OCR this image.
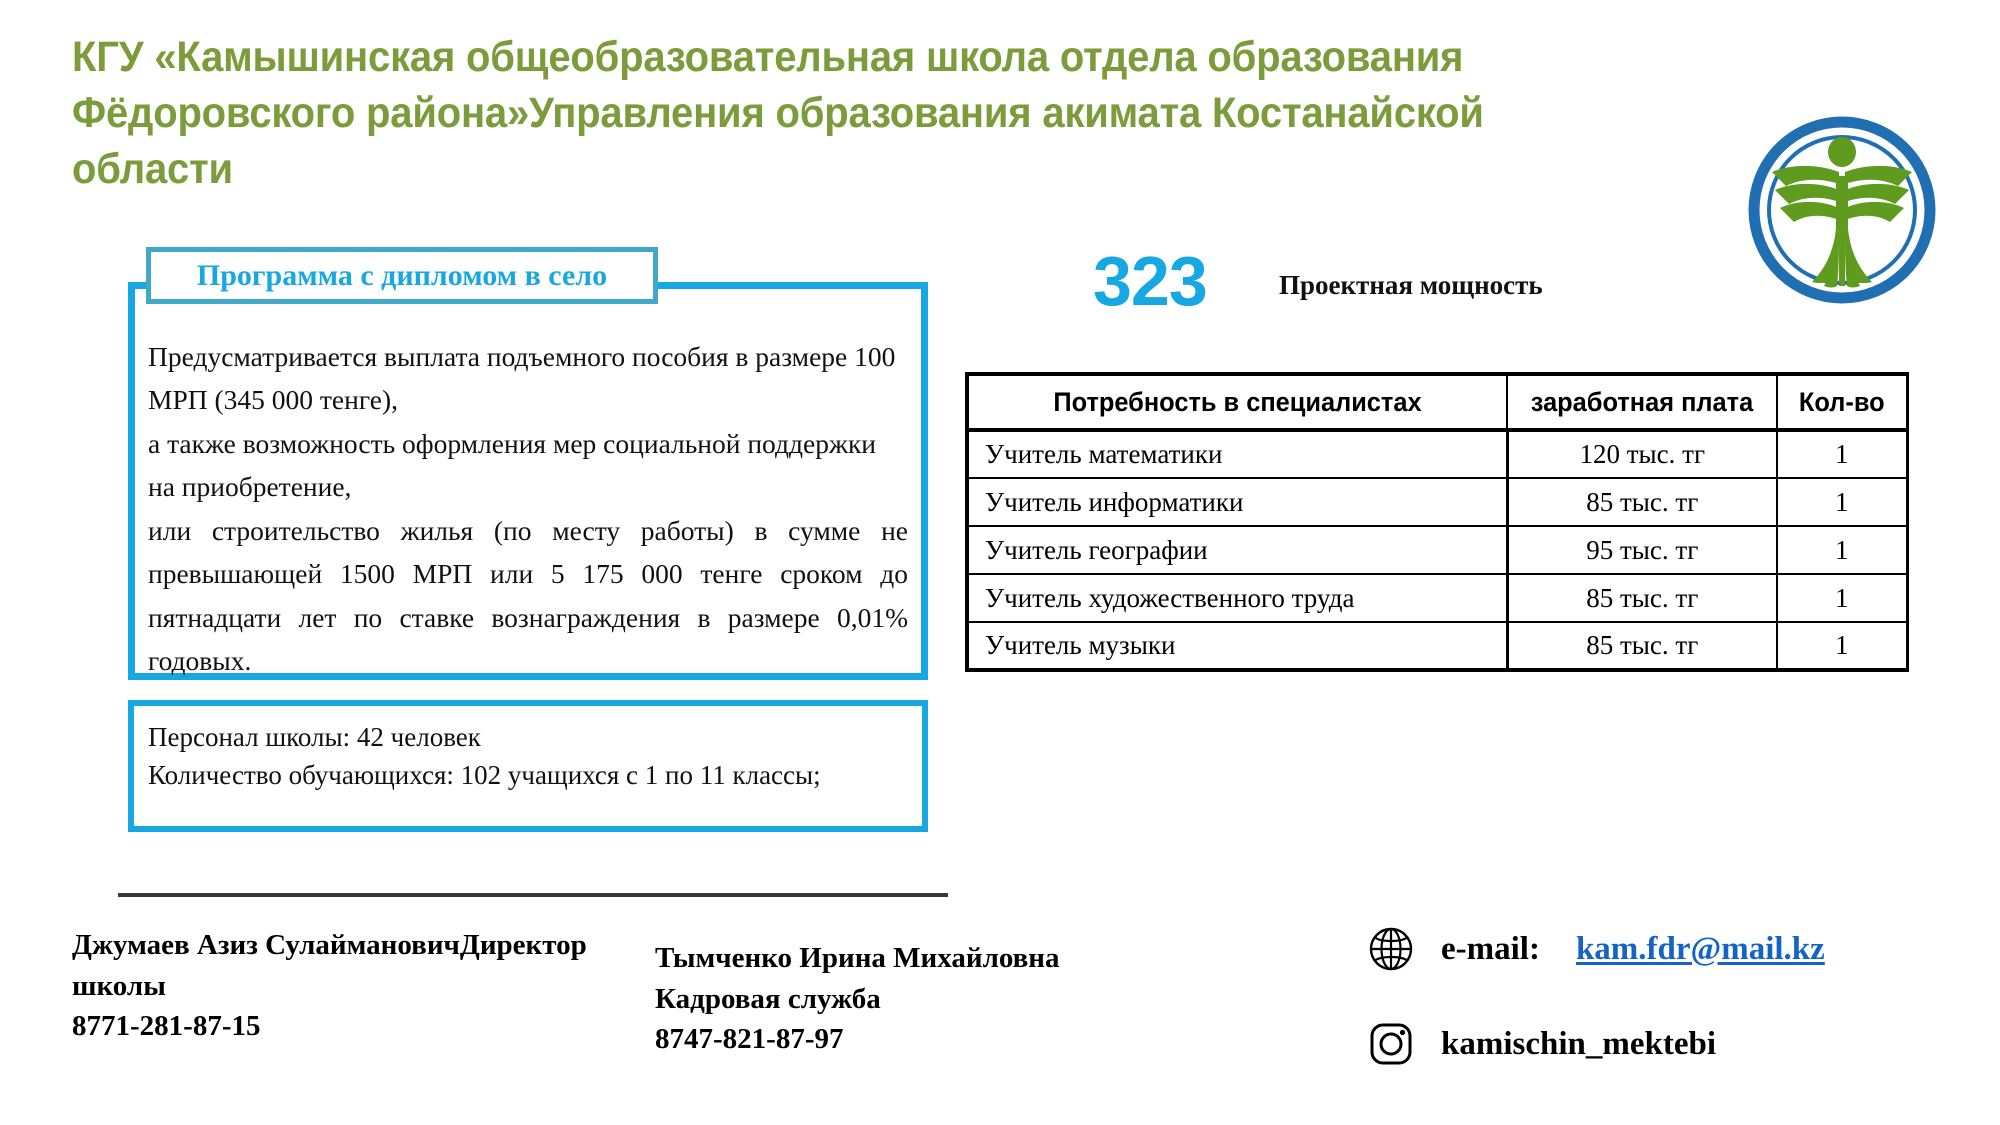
КГУ «Камышинская общеобразовательная школа отдела образования Фёдоровского района»Управления образования акимата Костанайской области
Программа с дипломом в село

Предусматривается выплата подъемного пособия в размере 100 МРП (345 000 тенге),

а также возможность оформления мер социальной поддержки на приобретение,

или строительство жилья (по месту работы) в сумме не превышающей 1500 МРП или 5 175 000 тенге сроком до пятнадцати лет по ставке вознаграждения в размере 0,01% годовых.

Персонал школы: 42 человек
Количество обучающихся: 102 учащихся с 1 по 11 классы;
323	Проектная мощность
Потребность в специалистах	заработная плата	Кол-во
Учитель математики	120 тыс. тг	1
Учитель информатики	85 тыс. тг	1
Учитель географии	95 тыс. тг	1
Учитель художественного труда	85 тыс. тг	1
Учитель музыки	85 тыс. тг	1
Джумаев Азиз СулаймановичДиректор
школы
8771-281-87-15
Тымченко Ирина Михайловна
Кадровая служба
8747-821-87-97
e-mail: kam.fdr@mail.kz
kamischin_mektebi
